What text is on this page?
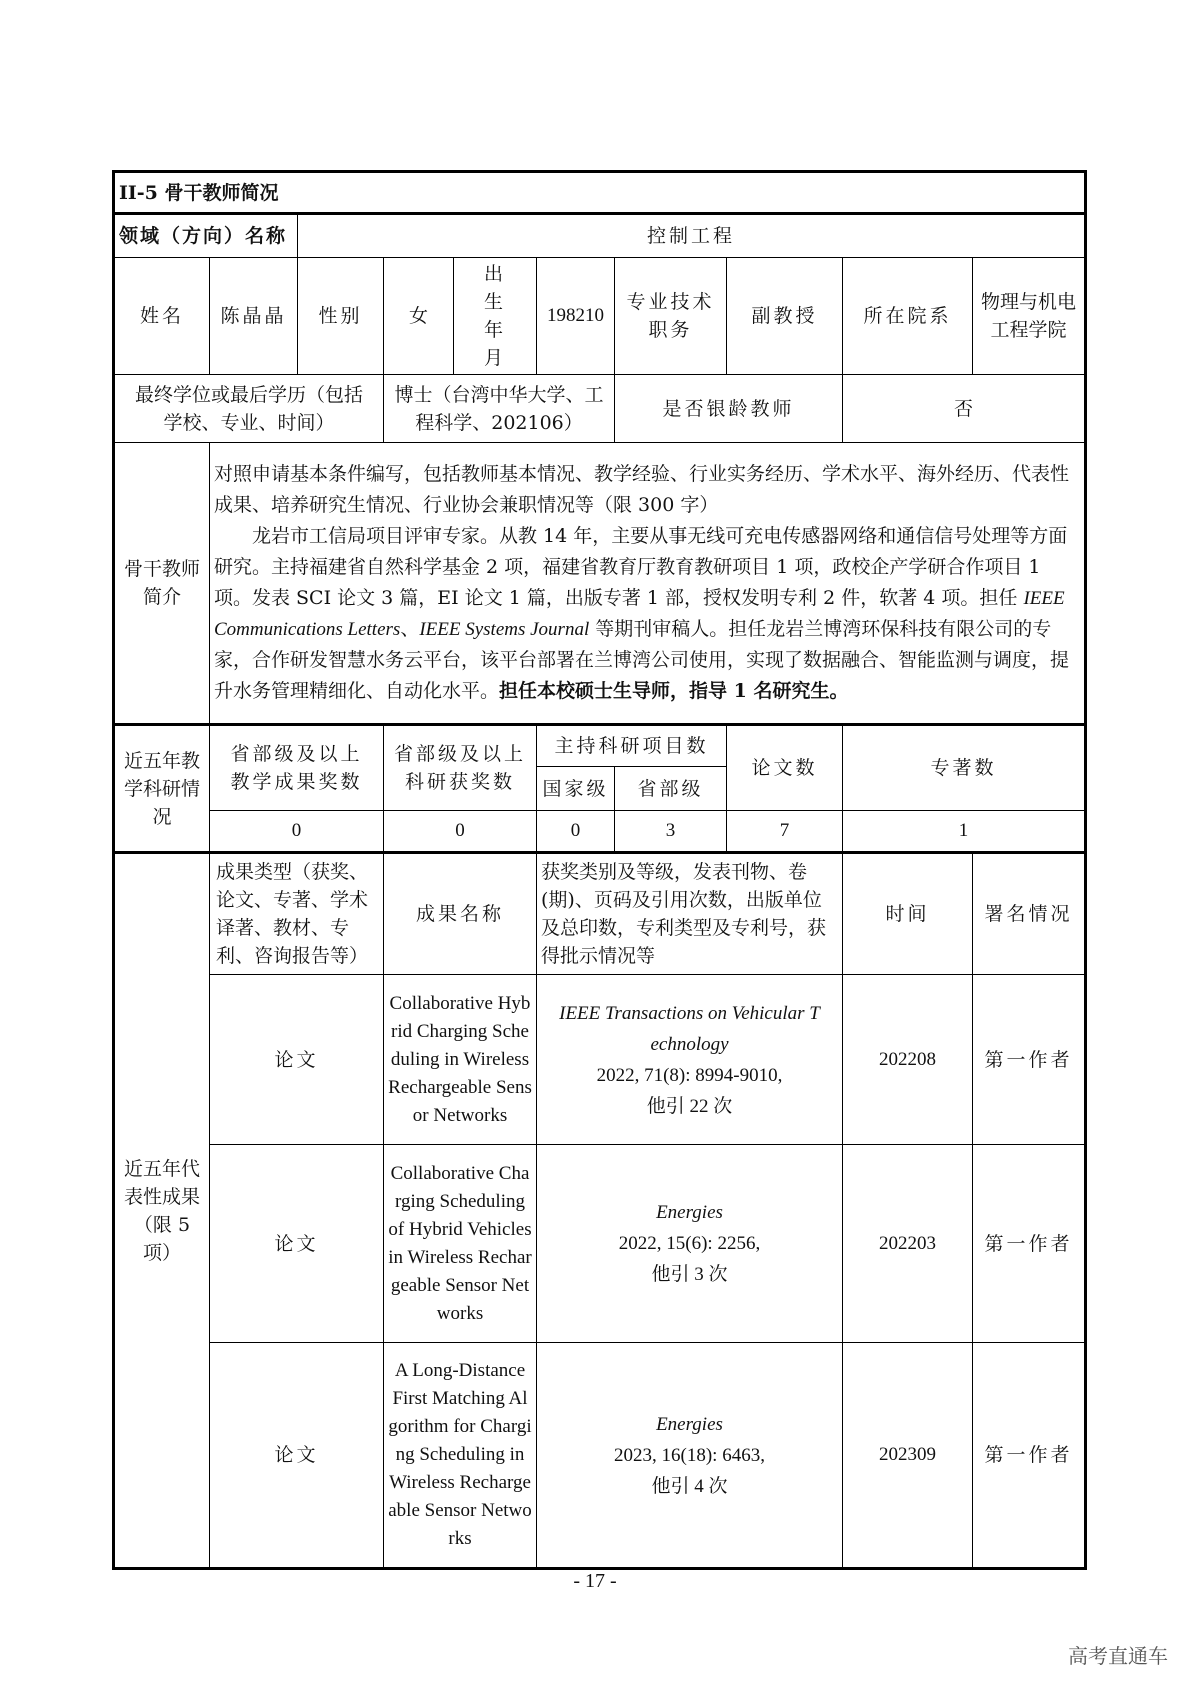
II-5 骨干教师简况									
领域（方向）名称		控制工程							
姓名	陈晶晶	性别	女	出生年月	198210	专业技术职务	副教授	所在院系	物理与机电工程学院
最终学位或最后学历（包括学校、专业、时间）			博士（台湾中华大学、工程科学、202106）			是否银龄教师		否	
骨干教师简介	对照申请基本条件编写，包括教师基本情况、教学经验、行业实务经历、学术水平、海外经历、代表性成果、培养研究生情况、行业协会兼职情况等（限 300 字）

龙岩市工信局项目评审专家。从教 14 年，主要从事无线可充电传感器网络和通信信号处理等方面研究。主持福建省自然科学基金 2 项，福建省教育厅教育教研项目 1 项，政校企产学研合作项目 1 项。发表 SCI 论文 3 篇，EI 论文 1 篇，出版专著 1 部，授权发明专利 2 件，软著 4 项。担任 IEEE Communications Letters、IEEE Systems Journal 等期刊审稿人。担任龙岩兰博湾环保科技有限公司的专家，合作研发智慧水务云平台，该平台部署在兰博湾公司使用，实现了数据融合、智能监测与调度，提升水务管理精细化、自动化水平。担任本校硕士生导师，指导 1 名研究生。								

近五年教学科研情况	省部级及以上教学成果奖数		省部级及以上科研获奖数		主持科研项目数		论文数	专著数	
					国家级	省部级			
	0		0		0	3	7	1	
近五年代表性成果（限 5 项）	成果类型（获奖、论文、专著、学术译著、教材、专利、咨询报告等）		成果名称		获奖类别及等级，发表刊物、卷(期)、页码及引用次数，出版单位及总印数，专利类型及专利号，获得批示情况等			时间	署名情况
	论文		Collaborative Hybrid Charging Scheduling in Wireless Rechargeable Sensor Networks		IEEE Transactions on Vehicular Technology
2022, 71(8): 8994-9010,
他引 22 次			202208	第一作者
	论文		Collaborative Charging Scheduling of Hybrid Vehicles in Wireless Rechargeable Sensor Networks		Energies
2022, 15(6): 2256,
他引 3 次			202203	第一作者
	论文		A Long-Distance First Matching Algorithm for Charging Scheduling in Wireless Rechargeable Sensor Networks		Energies
2023, 16(18): 6463,
他引 4 次			202309	第一作者
- 17 -
高考直通车
